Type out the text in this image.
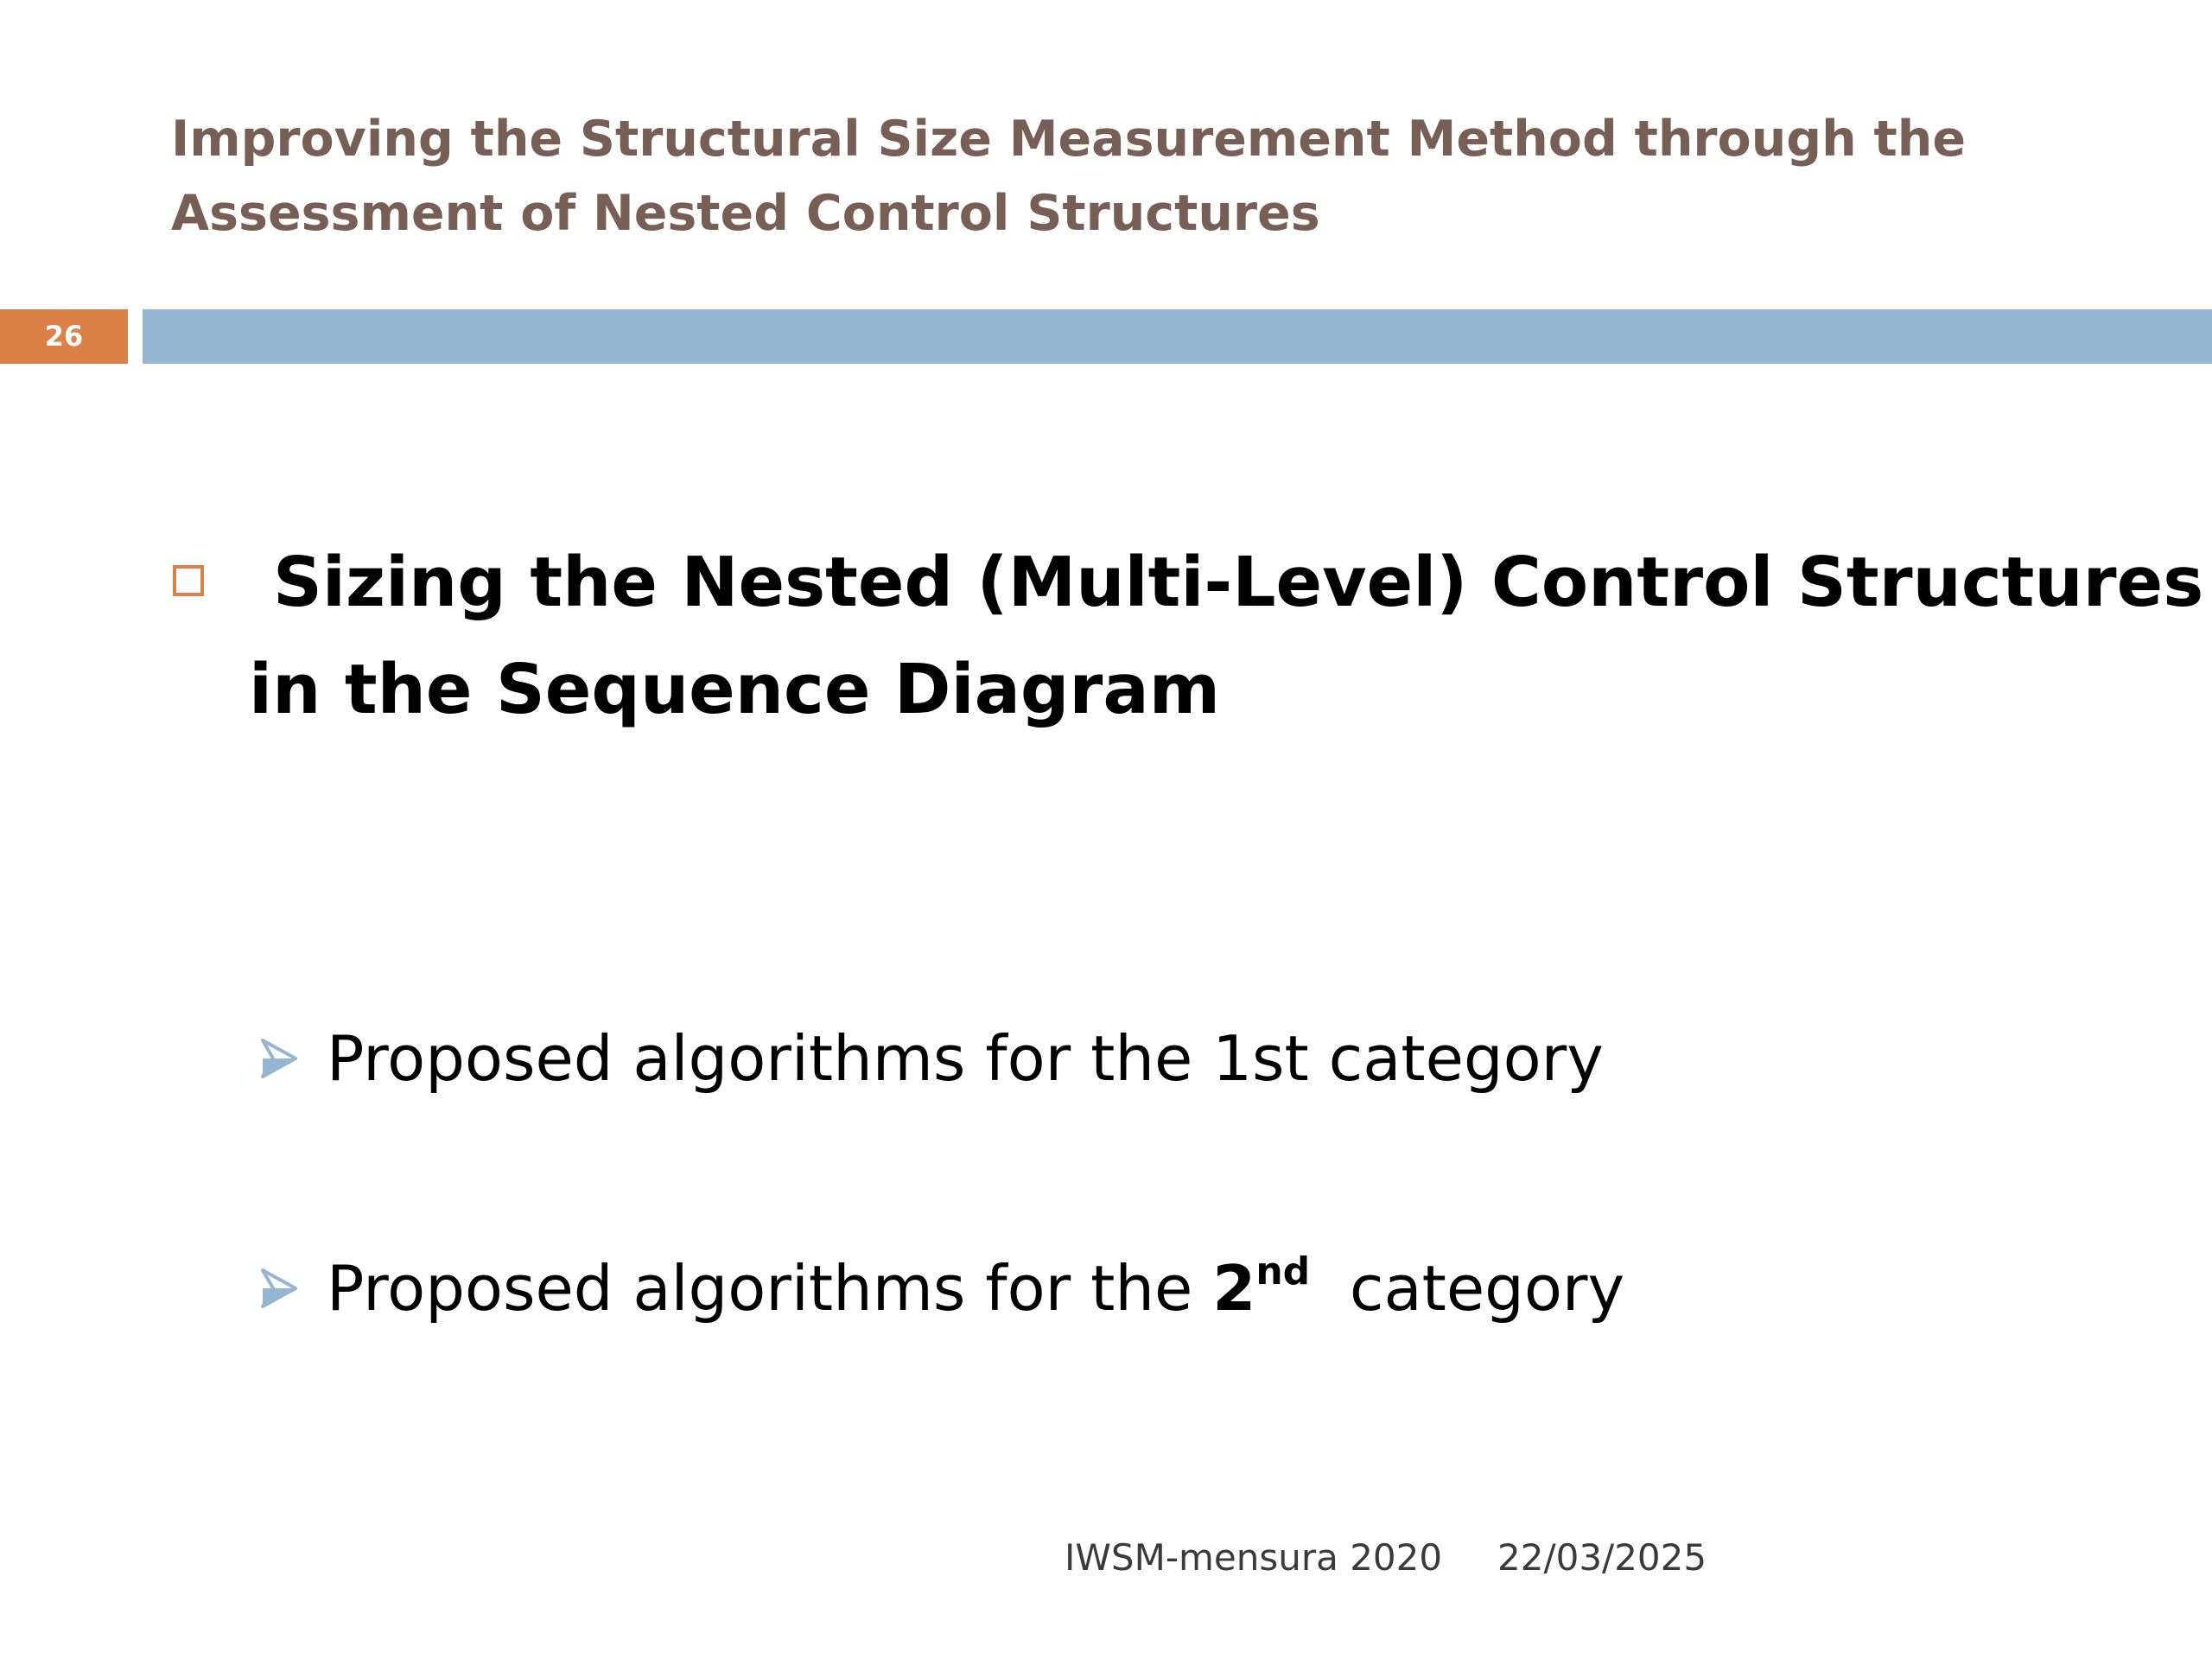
Improving the Structural Size Measurement Method through the
Assessment of Nested Control Structures
26

Sizing the Nested (Multi-Level) Control Structures
in the Sequence Diagram

Proposed algorithms for the 1st category

Proposed algorithms for the 2nd category

IWSM-mensura 2020 22/03/2025
